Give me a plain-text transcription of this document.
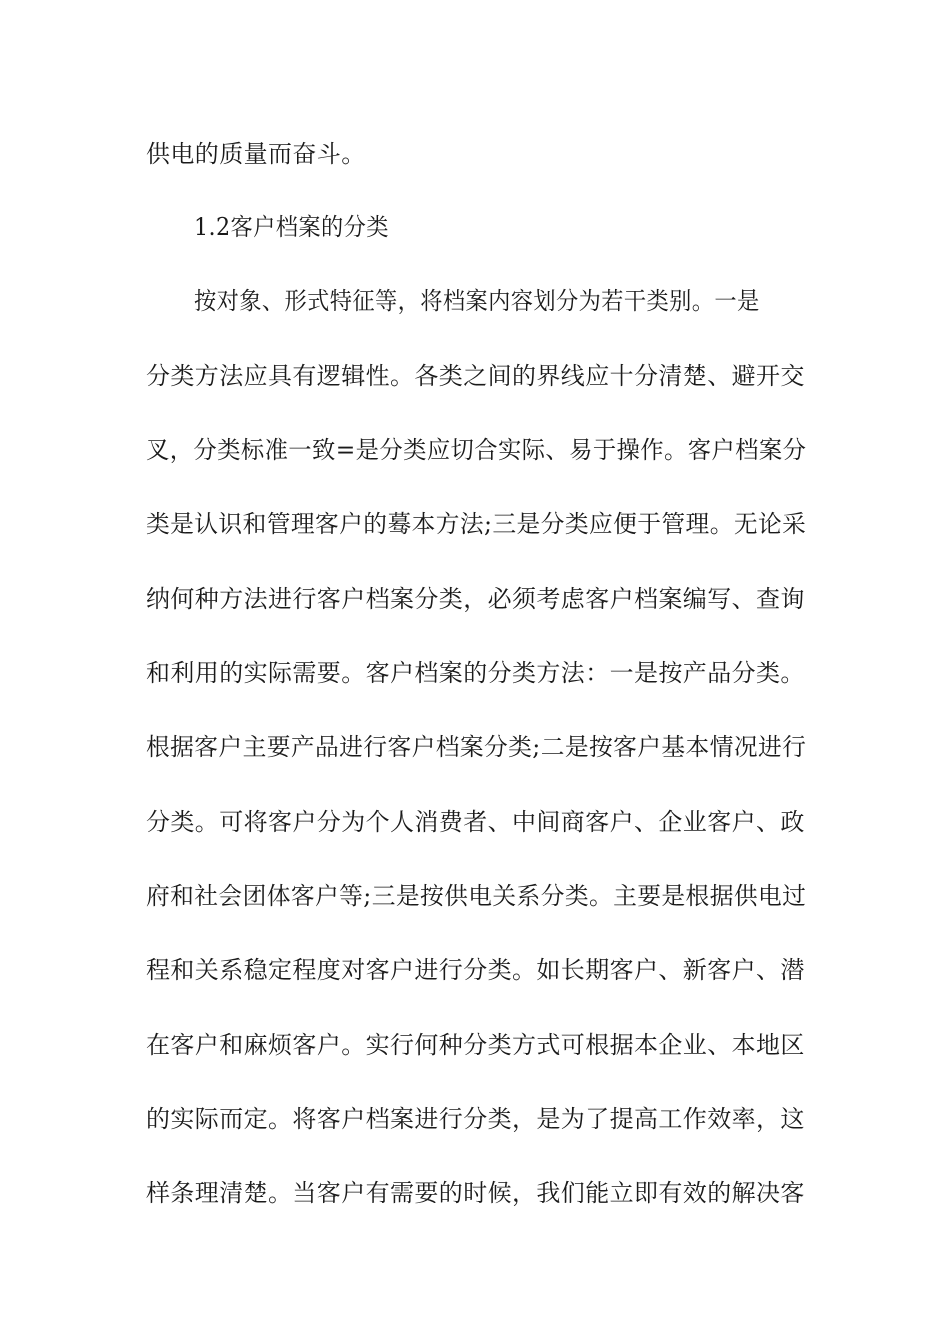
供电的质量而奋斗。
1.2客户档案的分类
按对象、形式特征等，将档案内容划分为若干类别。一是
分类方法应具有逻辑性。各类之间的界线应十分清楚、避开交
叉，分类标准一致=是分类应切合实际、易于操作。客户档案分
类是认识和管理客户的蓦本方法;三是分类应便于管理。无论采
纳何种方法进行客户档案分类，必须考虑客户档案编写、查询
和利用的实际需要。客户档案的分类方法：一是按产品分类。
根据客户主要产品进行客户档案分类;二是按客户基本情况进行
分类。可将客户分为个人消费者、中间商客户、企业客户、政
府和社会团体客户等;三是按供电关系分类。主要是根据供电过
程和关系稳定程度对客户进行分类。如长期客户、新客户、潜
在客户和麻烦客户。实行何种分类方式可根据本企业、本地区
的实际而定。将客户档案进行分类，是为了提高工作效率，这
样条理清楚。当客户有需要的时候，我们能立即有效的解决客
